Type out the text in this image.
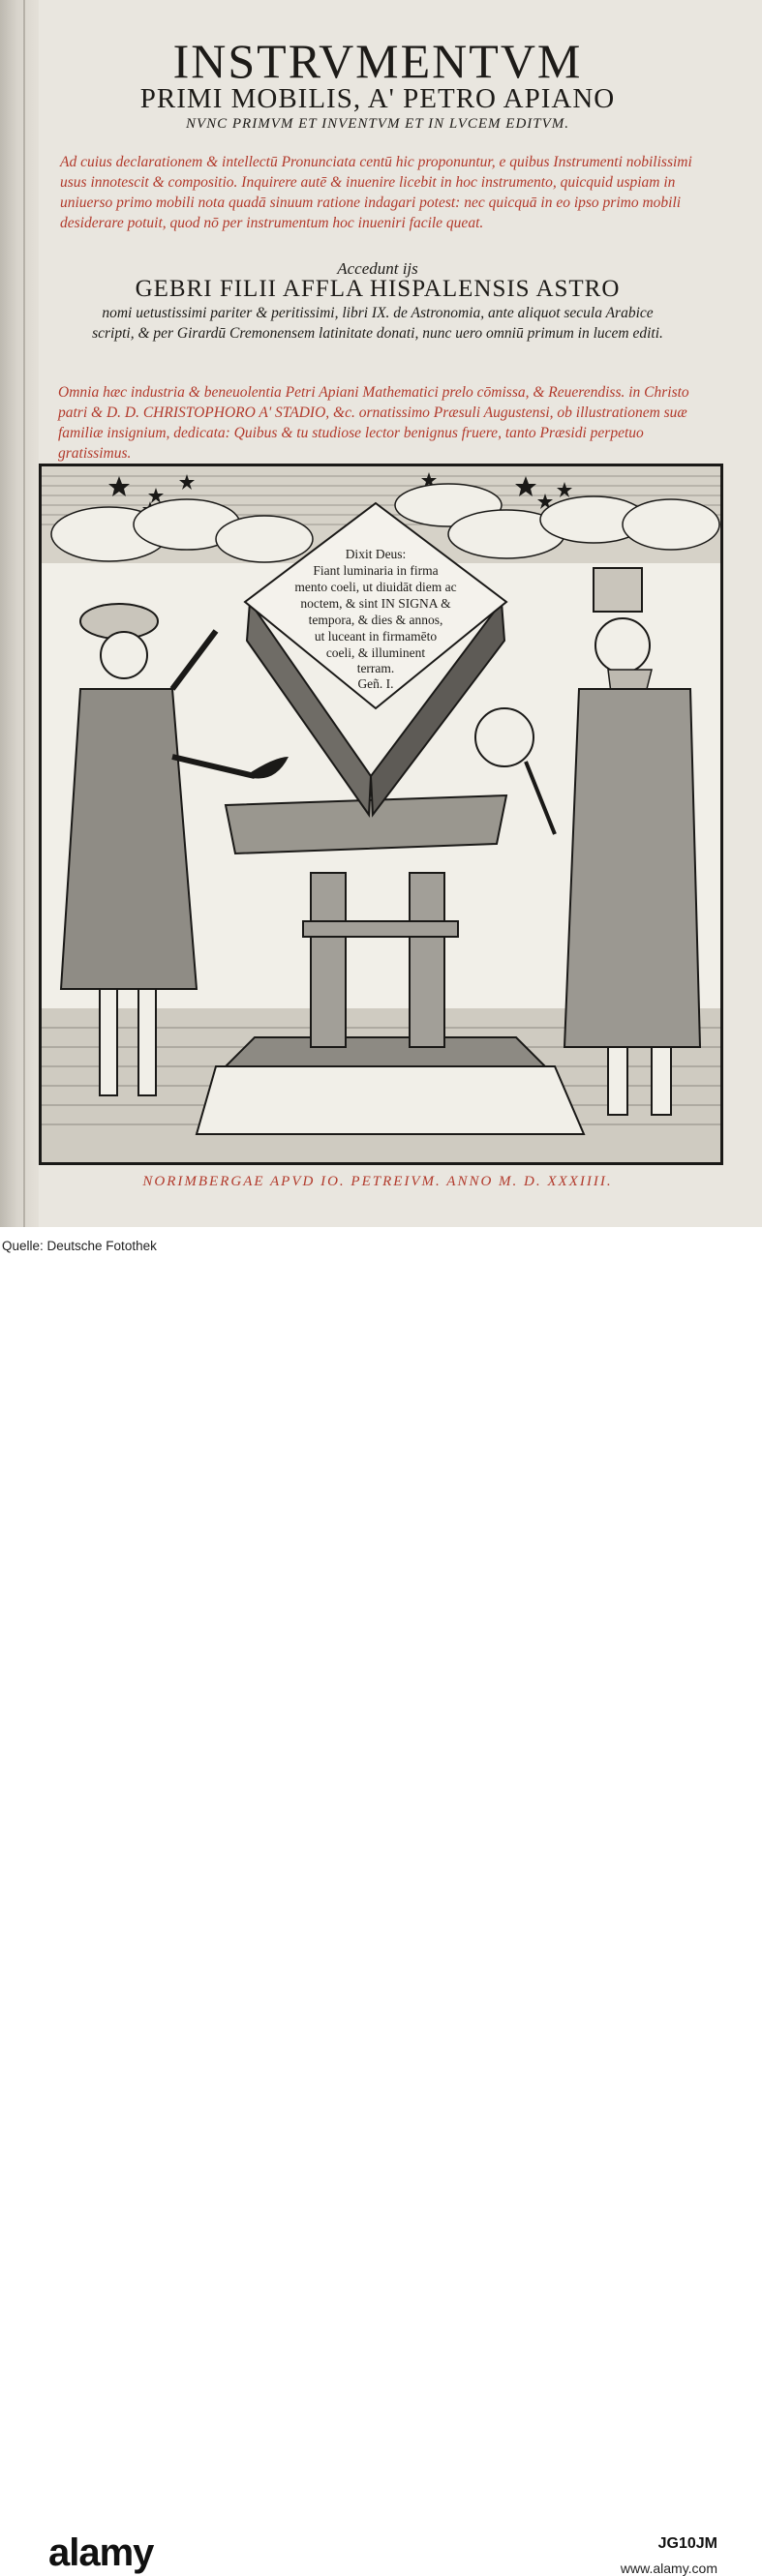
INSTRVMENTVM
PRIMI MOBILIS, A' PETRO APIANO
NVNC PRIMVM ET INVENTVM ET IN LVCEM EDITVM.
Ad cuius declarationem & intellectū Pronunciata centū hic proponuntur, e quibus Instrumenti nobilissimi usus innotescit & compositio. Inquirere autē & inuenire licebit in hoc instrumento, quicquid uspiam in uniuerso primo mobili nota quadā sinuum ratione indagari potest: nec quicquā in eo ipso primo mobili desiderare potuit, quod nō per instrumentum hoc inueniri facile queat.
Accedunt ijs
GEBRI FILII AFFLA HISPALENSIS ASTRO
nomi uetustissimi pariter & peritissimi, libri IX. de Astronomia, ante aliquot secula Arabice scripti, & per Girardū Cremonensem latinitate donati, nunc uero omniū primum in lucem editi.
Omnia hæc industria & beneuolentia Petri Apiani Mathematici prelo cōmissa, & Reuerendiss. in Christo patri & D. D. CHRISTOPHORO A' STADIO, &c. ornatissimo Præsuli Augustensi, ob illustrationem suæ familiæ insignium, dedicata: Quibus & tu studiose lector benignus fruere, tanto Præsidi perpetuo gratissimus.
Dixit Deus:
Fiant luminaria in firma
mento coeli, ut diuidāt diem ac
noctem, & sint IN SIGNA &
tempora, & dies & annos,
ut luceant in firmamēto
coeli, & illuminent
terram.
Geñ. I.
NORIMBERGAE APVD IO. PETREIVM. ANNO M. D. XXXIIII.
Quelle: Deutsche Fotothek
alamy	JG10JM
www.alamy.com
